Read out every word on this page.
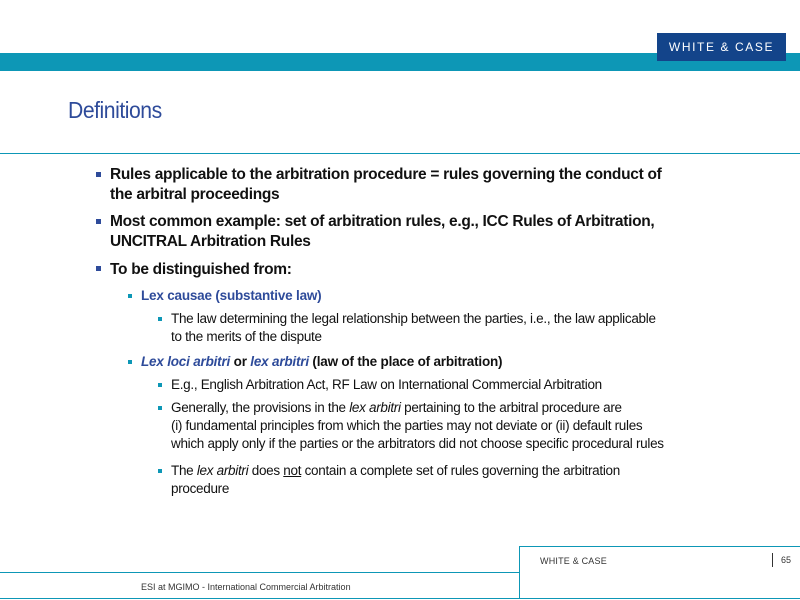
WHITE & CASE
Definitions
Rules applicable to the arbitration procedure = rules governing the conduct of
the arbitral proceedings
Most common example: set of arbitration rules, e.g., ICC Rules of Arbitration,
UNCITRAL Arbitration Rules
To be distinguished from:
Lex causae (substantive law)
The law determining the legal relationship between the parties, i.e., the law applicable
to the merits of the dispute
Lex loci arbitri or lex arbitri (law of the place of arbitration)
E.g., English Arbitration Act, RF Law on International Commercial Arbitration
Generally, the provisions in the lex arbitri pertaining to the arbitral procedure are
(i) fundamental principles from which the parties may not deviate or (ii) default rules
which apply only if the parties or the arbitrators did not choose specific procedural rules
The lex arbitri does not contain a complete set of rules governing the arbitration
procedure
WHITE & CASE	65
ESI at MGIMO - International Commercial Arbitration
